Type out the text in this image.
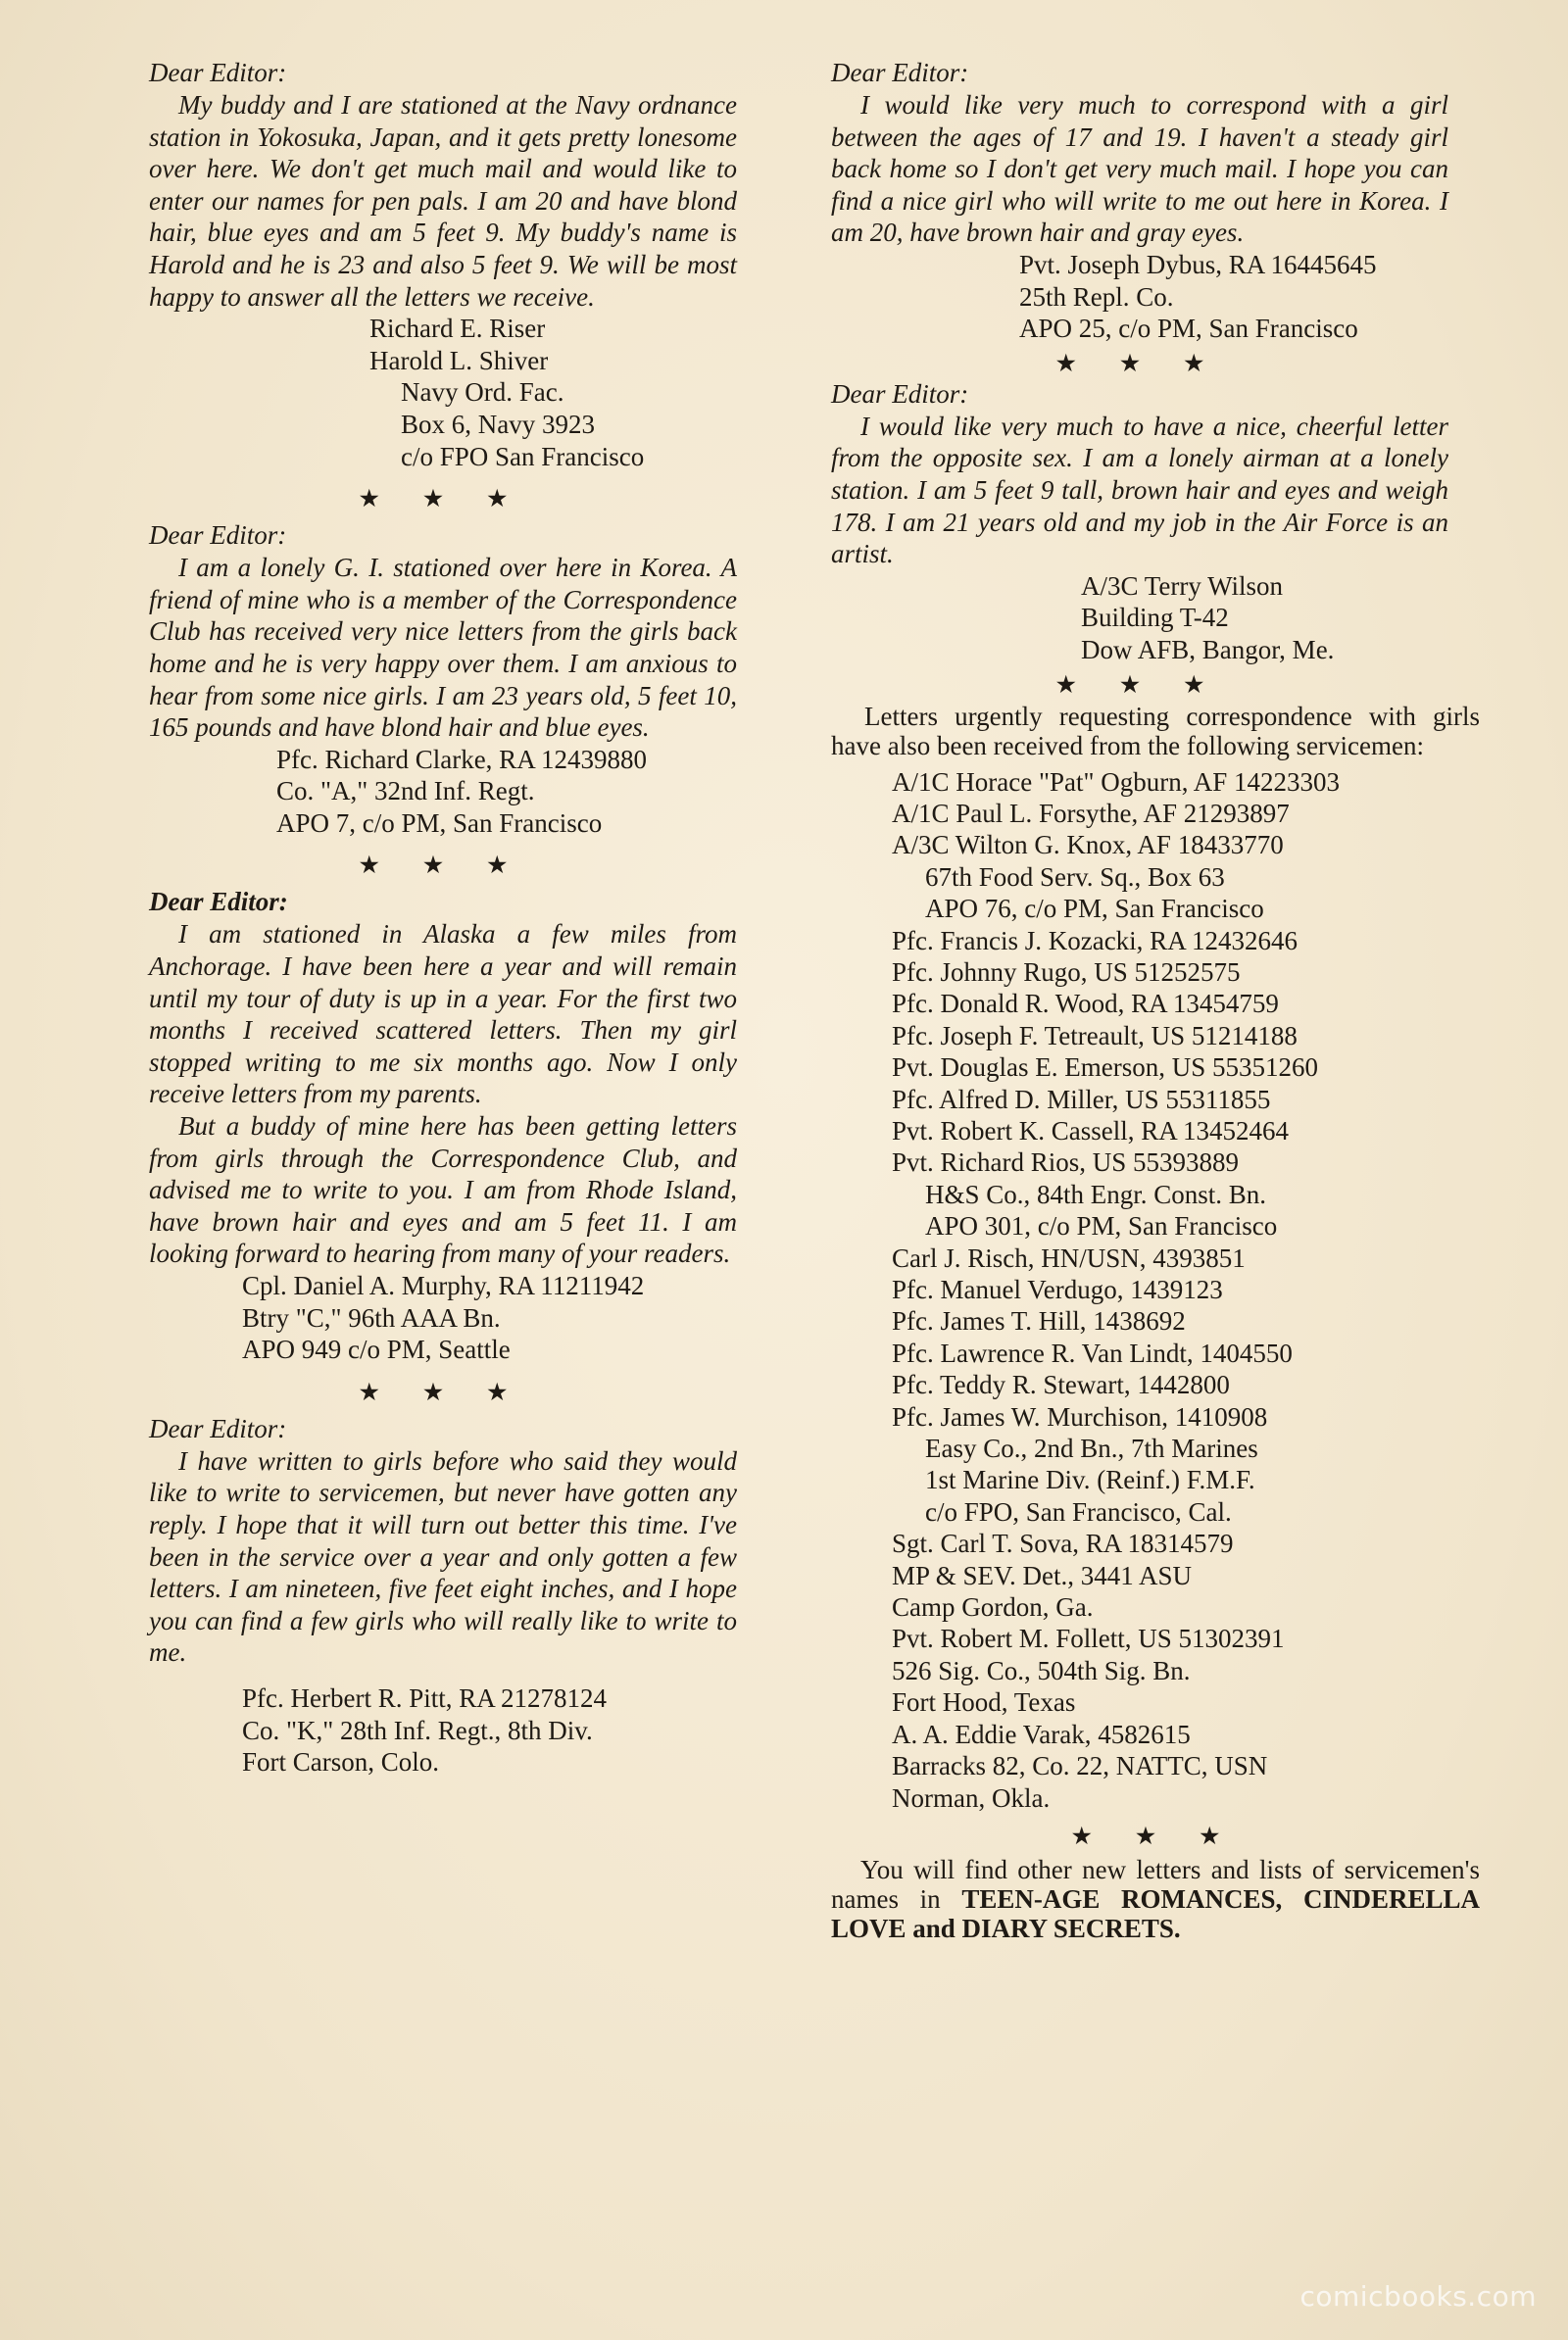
Dear Editor:

My buddy and I are stationed at the Navy ordnance station in Yokosuka, Japan, and it gets pretty lonesome over here. We don't get much mail and would like to enter our names for pen pals. I am 20 and have blond hair, blue eyes and am 5 feet 9. My buddy's name is Harold and he is 23 and also 5 feet 9. We will be most happy to answer all the letters we receive.

Richard E. Riser
Harold L. Shiver
Navy Ord. Fac.
Box 6, Navy 3923
c/o FPO San Francisco
★ ★ ★
Dear Editor:

I am a lonely G. I. stationed over here in Korea. A friend of mine who is a member of the Correspondence Club has received very nice letters from the girls back home and he is very happy over them. I am anxious to hear from some nice girls. I am 23 years old, 5 feet 10, 165 pounds and have blond hair and blue eyes.

Pfc. Richard Clarke, RA 12439880
Co. "A," 32nd Inf. Regt.
APO 7, c/o PM, San Francisco
★ ★ ★
Dear Editor:

I am stationed in Alaska a few miles from Anchorage. I have been here a year and will remain until my tour of duty is up in a year. For the first two months I received scattered letters. Then my girl stopped writing to me six months ago. Now I only receive letters from my parents.

But a buddy of mine here has been getting letters from girls through the Correspondence Club, and advised me to write to you. I am from Rhode Island, have brown hair and eyes and am 5 feet 11. I am looking forward to hearing from many of your readers.

Cpl. Daniel A. Murphy, RA 11211942
Btry "C," 96th AAA Bn.
APO 949 c/o PM, Seattle
★ ★ ★
Dear Editor:

I have written to girls before who said they would like to write to servicemen, but never have gotten any reply. I hope that it will turn out better this time. I've been in the service over a year and only gotten a few letters. I am nineteen, five feet eight inches, and I hope you can find a few girls who will really like to write to me.

Pfc. Herbert R. Pitt, RA 21278124
Co. "K," 28th Inf. Regt., 8th Div.
Fort Carson, Colo.
Dear Editor:

I would like very much to correspond with a girl between the ages of 17 and 19. I haven't a steady girl back home so I don't get very much mail. I hope you can find a nice girl who will write to me out here in Korea. I am 20, have brown hair and gray eyes.

Pvt. Joseph Dybus, RA 16445645
25th Repl. Co.
APO 25, c/o PM, San Francisco
★ ★ ★
Dear Editor:

I would like very much to have a nice, cheerful letter from the opposite sex. I am a lonely airman at a lonely station. I am 5 feet 9 tall, brown hair and eyes and weigh 178. I am 21 years old and my job in the Air Force is an artist.

A/3C Terry Wilson
Building T-42
Dow AFB, Bangor, Me.
★ ★ ★

Letters urgently requesting correspondence with girls have also been received from the following servicemen:

A/1C Horace "Pat" Ogburn, AF 14223303
A/1C Paul L. Forsythe, AF 21293897
A/3C Wilton G. Knox, AF 18433770
67th Food Serv. Sq., Box 63
APO 76, c/o PM, San Francisco
Pfc. Francis J. Kozacki, RA 12432646
Pfc. Johnny Rugo, US 51252575
Pfc. Donald R. Wood, RA 13454759
Pfc. Joseph F. Tetreault, US 51214188
Pvt. Douglas E. Emerson, US 55351260
Pfc. Alfred D. Miller, US 55311855
Pvt. Robert K. Cassell, RA 13452464
Pvt. Richard Rios, US 55393889
H&S Co., 84th Engr. Const. Bn.
APO 301, c/o PM, San Francisco
Carl J. Risch, HN/USN, 4393851
Pfc. Manuel Verdugo, 1439123
Pfc. James T. Hill, 1438692
Pfc. Lawrence R. Van Lindt, 1404550
Pfc. Teddy R. Stewart, 1442800
Pfc. James W. Murchison, 1410908
Easy Co., 2nd Bn., 7th Marines
1st Marine Div. (Reinf.) F.M.F.
c/o FPO, San Francisco, Cal.
Sgt. Carl T. Sova, RA 18314579
MP & SEV. Det., 3441 ASU
Camp Gordon, Ga.
Pvt. Robert M. Follett, US 51302391
526 Sig. Co., 504th Sig. Bn.
Fort Hood, Texas
A. A. Eddie Varak, 4582615
Barracks 82, Co. 22, NATTC, USN
Norman, Okla.
★ ★ ★

You will find other new letters and lists of servicemen's names in TEEN-AGE ROMANCES, CINDERELLA LOVE and DIARY SECRETS.

comicbooks.com
